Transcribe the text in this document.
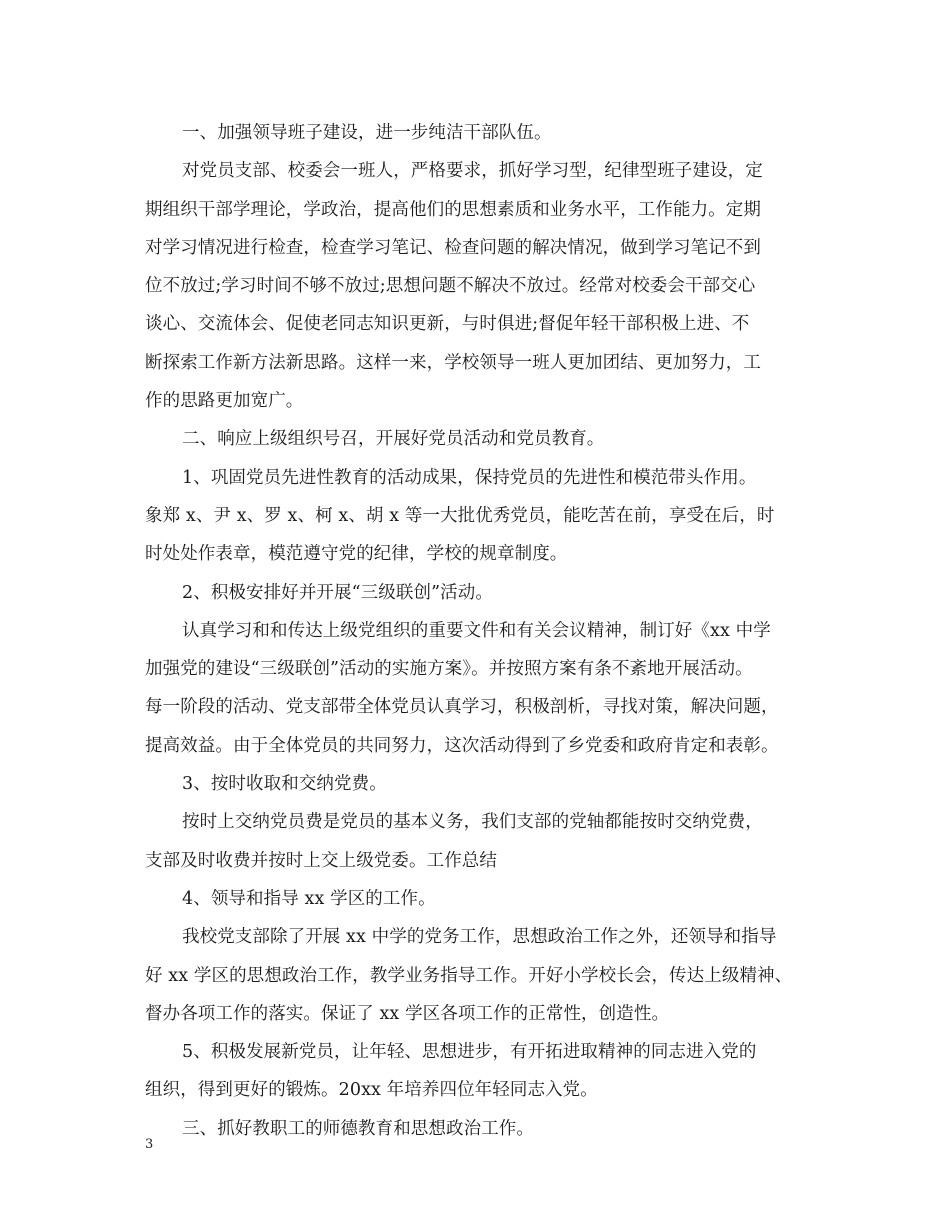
一、加强领导班子建设，进一步纯洁干部队伍。
对党员支部、校委会一班人，严格要求，抓好学习型，纪律型班子建设，定
期组织干部学理论，学政治，提高他们的思想素质和业务水平，工作能力。定期
对学习情况进行检查，检查学习笔记、检查问题的解决情况，做到学习笔记不到
位不放过;学习时间不够不放过;思想问题不解决不放过。经常对校委会干部交心
谈心、交流体会、促使老同志知识更新，与时俱进;督促年轻干部积极上进、不
断探索工作新方法新思路。这样一来，学校领导一班人更加团结、更加努力，工
作的思路更加宽广。
二、响应上级组织号召，开展好党员活动和党员教育。
1、巩固党员先进性教育的活动成果，保持党员的先进性和模范带头作用。
象郑 x、尹 x、罗 x、柯 x、胡 x 等一大批优秀党员，能吃苦在前，享受在后，时
时处处作表章，模范遵守党的纪律，学校的规章制度。
2、积极安排好并开展“三级联创”活动。
认真学习和和传达上级党组织的重要文件和有关会议精神，制订好《xx 中学
加强党的建设“三级联创”活动的实施方案》。并按照方案有条不紊地开展活动。
每一阶段的活动、党支部带全体党员认真学习，积极剖析，寻找对策，解决问题，
提高效益。由于全体党员的共同努力，这次活动得到了乡党委和政府肯定和表彰。
3、按时收取和交纳党费。
按时上交纳党员费是党员的基本义务，我们支部的党轴都能按时交纳党费，
支部及时收费并按时上交上级党委。工作总结
4、领导和指导 xx 学区的工作。
我校党支部除了开展 xx 中学的党务工作，思想政治工作之外，还领导和指导
好 xx 学区的思想政治工作，教学业务指导工作。开好小学校长会，传达上级精神、
督办各项工作的落实。保证了 xx 学区各项工作的正常性，创造性。
5、积极发展新党员，让年轻、思想进步，有开拓进取精神的同志进入党的
组织，得到更好的锻炼。20xx 年培养四位年轻同志入党。
三、抓好教职工的师德教育和思想政治工作。
3
